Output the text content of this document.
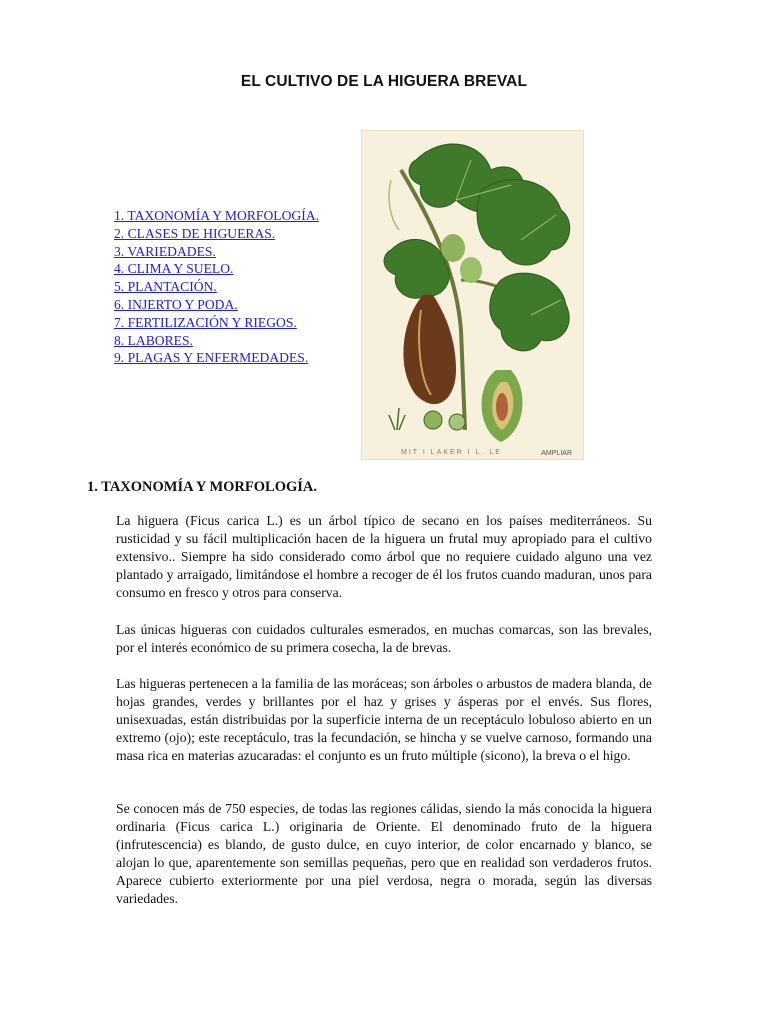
EL CULTIVO DE LA HIGUERA BREVAL
1. TAXONOMÍA Y MORFOLOGÍA.
2. CLASES DE HIGUERAS.
3. VARIEDADES.
4. CLIMA Y SUELO.
5. PLANTACIÓN.
6. INJERTO Y PODA.
7. FERTILIZACIÓN Y RIEGOS.
8. LABORES.
9. PLAGAS Y ENFERMEDADES.
MIT I LAKER I L. LE	AMPLIAR
1. TAXONOMÍA Y MORFOLOGÍA.

La higuera (Ficus carica L.) es un árbol típico de secano en los países mediterráneos. Su rusticidad y su fácil multiplicación hacen de la higuera un frutal muy apropiado para el cultivo extensivo.. Siempre ha sido considerado como árbol que no requiere cuidado alguno una vez plantado y arraigado, limitándose el hombre a recoger de él los frutos cuando maduran, unos para consumo en fresco y otros para conserva.

Las únicas higueras con cuidados culturales esmerados, en muchas comarcas, son las brevales, por el interés económico de su primera cosecha, la de brevas.

Las higueras pertenecen a la familia de las moráceas; son árboles o arbustos de madera blanda, de hojas grandes, verdes y brillantes por el haz y grises y ásperas por el envés. Sus flores, unisexuadas, están distribuidas por la superficie interna de un receptáculo lobuloso abierto en un extremo (ojo); este receptáculo, tras la fecundación, se hincha y se vuelve carnoso, formando una masa rica en materias azucaradas: el conjunto es un fruto múltiple (sicono), la breva o el higo.

Se conocen más de 750 especies, de todas las regiones cálidas, siendo la más conocida la higuera ordinaria (Ficus carica L.) originaria de Oriente. El denominado fruto de la higuera (infrutescencia) es blando, de gusto dulce, en cuyo interior, de color encarnado y blanco, se alojan lo que, aparentemente son semillas pequeñas, pero que en realidad son verdaderos frutos. Aparece cubierto exteriormente por una piel verdosa, negra o morada, según las diversas variedades.
